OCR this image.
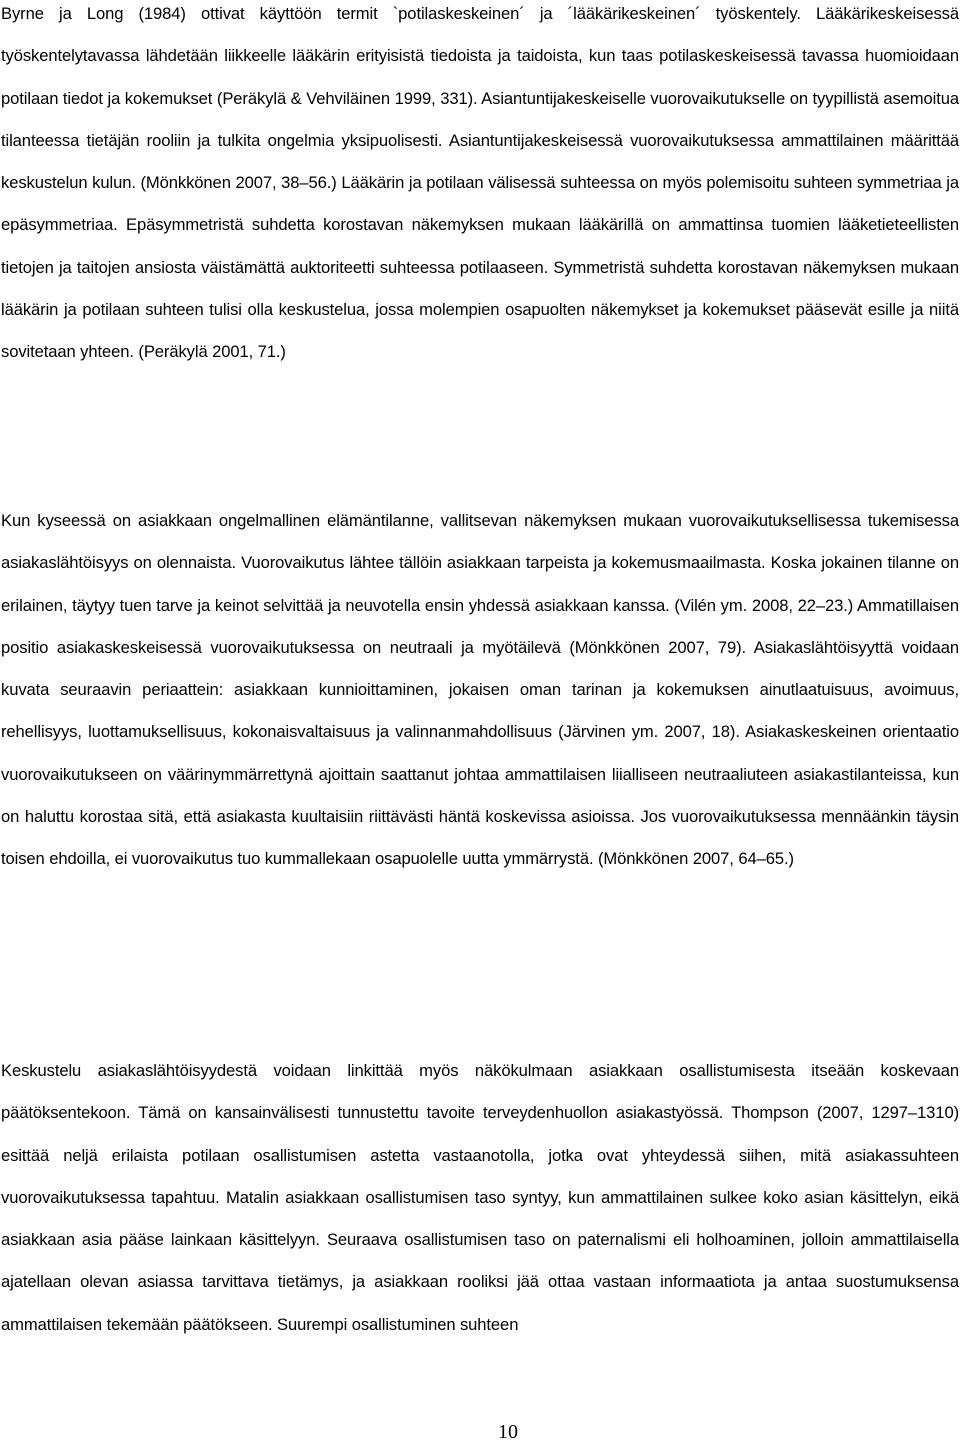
Byrne ja Long (1984) ottivat käyttöön termit `potilaskeskeinen´ ja ´lääkärikeskeinen´ työskentely. Lääkärikeskeisessä työskentelytavassa lähdetään liikkeelle lääkärin erityisistä tiedoista ja taidoista, kun taas potilaskeskeisessä tavassa huomioidaan potilaan tiedot ja kokemukset (Peräkylä & Vehviläinen 1999, 331). Asiantuntijakeskeiselle vuorovaikutukselle on tyypillistä asemoitua tilanteessa tietäjän rooliin ja tulkita ongelmia yksipuolisesti. Asiantuntijakeskeisessä vuorovaikutuksessa ammattilainen määrittää keskustelun kulun. (Mönkkönen 2007, 38‒56.) Lääkärin ja potilaan välisessä suhteessa on myös polemisoitu suhteen symmetriaa ja epäsymmetriaa. Epäsymmetristä suhdetta korostavan näkemyksen mukaan lääkärillä on ammattinsa tuomien lääketieteellisten tietojen ja taitojen ansiosta väistämättä auktoriteetti suhteessa potilaaseen. Symmetristä suhdetta korostavan näkemyksen mukaan lääkärin ja potilaan suhteen tulisi olla keskustelua, jossa molempien osapuolten näkemykset ja kokemukset pääsevät esille ja niitä sovitetaan yhteen. (Peräkylä 2001, 71.)

Kun kyseessä on asiakkaan ongelmallinen elämäntilanne, vallitsevan näkemyksen mukaan vuorovaikutuksellisessa tukemisessa asiakaslähtöisyys on olennaista. Vuorovaikutus lähtee tällöin asiakkaan tarpeista ja kokemusmaailmasta. Koska jokainen tilanne on erilainen, täytyy tuen tarve ja keinot selvittää ja neuvotella ensin yhdessä asiakkaan kanssa. (Vilén ym. 2008, 22‒23.) Ammatillaisen positio asiakaskeskeisessä vuorovaikutuksessa on neutraali ja myötäilevä (Mönkkönen 2007, 79). Asiakaslähtöisyyttä voidaan kuvata seuraavin periaattein: asiakkaan kunnioittaminen, jokaisen oman tarinan ja kokemuksen ainutlaatuisuus, avoimuus, rehellisyys, luottamuksellisuus, kokonaisvaltaisuus ja valinnanmahdollisuus (Järvinen ym. 2007, 18). Asiakaskeskeinen orientaatio vuorovaikutukseen on väärinymmärrettynä ajoittain saattanut johtaa ammattilaisen liialliseen neutraaliuteen asiakastilanteissa, kun on haluttu korostaa sitä, että asiakasta kuultaisiin riittävästi häntä koskevissa asioissa. Jos vuorovaikutuksessa mennäänkin täysin toisen ehdoilla, ei vuorovaikutus tuo kummallekaan osapuolelle uutta ymmärrystä. (Mönkkönen 2007, 64‒65.)

Keskustelu asiakaslähtöisyydestä voidaan linkittää myös näkökulmaan asiakkaan osallistumisesta itseään koskevaan päätöksentekoon. Tämä on kansainvälisesti tunnustettu tavoite terveydenhuollon asiakastyössä. Thompson (2007, 1297‒1310) esittää neljä erilaista potilaan osallistumisen astetta vastaanotolla, jotka ovat yhteydessä siihen, mitä asiakassuhteen vuorovaikutuksessa tapahtuu. Matalin asiakkaan osallistumisen taso syntyy, kun ammattilainen sulkee koko asian käsittelyn, eikä asiakkaan asia pääse lainkaan käsittelyyn. Seuraava osallistumisen taso on paternalismi eli holhoaminen, jolloin ammattilaisella ajatellaan olevan asiassa tarvittava tietämys, ja asiakkaan rooliksi jää ottaa vastaan informaatiota ja antaa suostumuksensa ammattilaisen tekemään päätökseen. Suurempi osallistuminen suhteen

10
